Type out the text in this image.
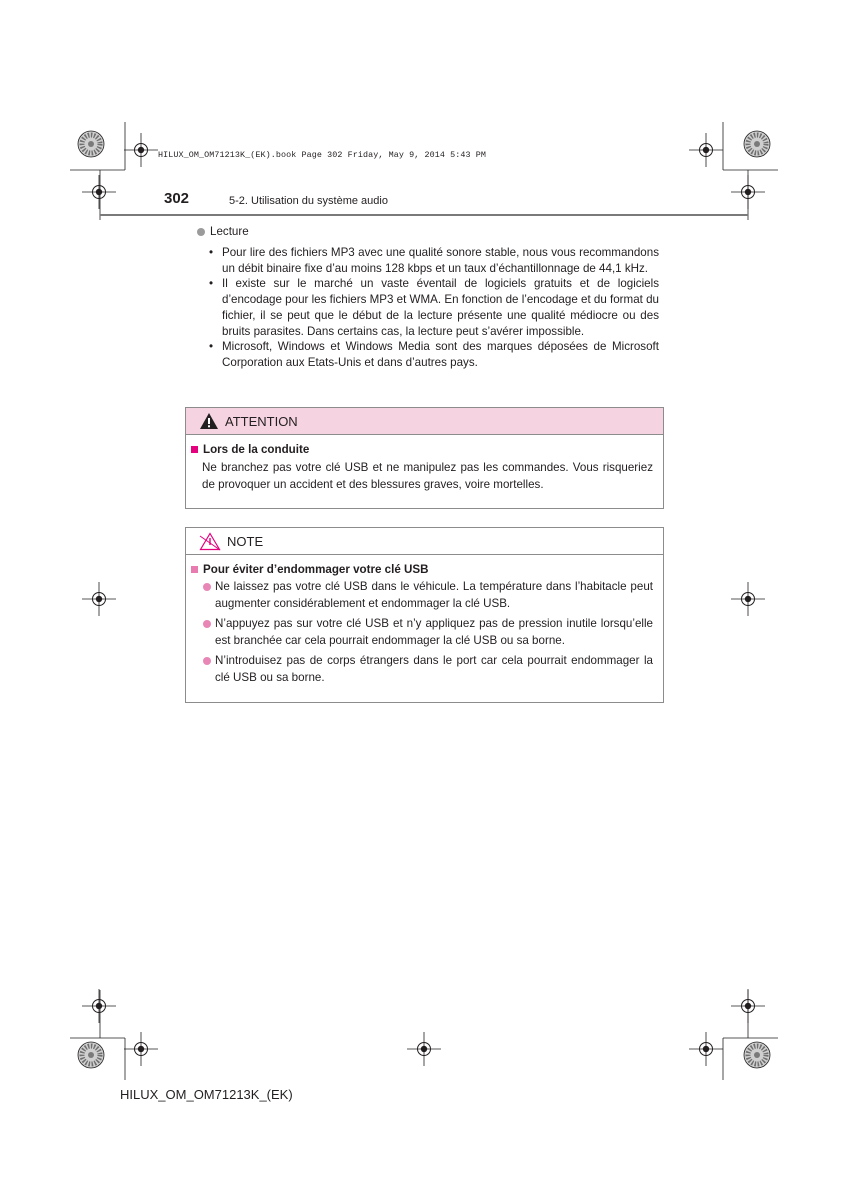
HILUX_OM_OM71213K_(EK).book Page 302 Friday, May 9, 2014 5:43 PM
302	5-2. Utilisation du système audio
Lecture
• Pour lire des fichiers MP3 avec une qualité sonore stable, nous vous recommandons un débit binaire fixe d’au moins 128 kbps et un taux d’échantillonnage de 44,1 kHz.
• Il existe sur le marché un vaste éventail de logiciels gratuits et de logiciels d’encodage pour les fichiers MP3 et WMA. En fonction de l’encodage et du format du fichier, il se peut que le début de la lecture présente une qualité médiocre ou des bruits parasites. Dans certains cas, la lecture peut s’avérer impossible.
• Microsoft, Windows et Windows Media sont des marques déposées de Microsoft Corporation aux Etats-Unis et dans d’autres pays.
ATTENTION
Lors de la conduite
Ne branchez pas votre clé USB et ne manipulez pas les commandes. Vous risqueriez de provoquer un accident et des blessures graves, voire mortelles.
NOTE
Pour éviter d’endommager votre clé USB
Ne laissez pas votre clé USB dans le véhicule. La température dans l’habitacle peut augmenter considérablement et endommager la clé USB.
N’appuyez pas sur votre clé USB et n’y appliquez pas de pression inutile lorsqu’elle est branchée car cela pourrait endommager la clé USB ou sa borne.
N’introduisez pas de corps étrangers dans le port car cela pourrait endommager la clé USB ou sa borne.
HILUX_OM_OM71213K_(EK)
